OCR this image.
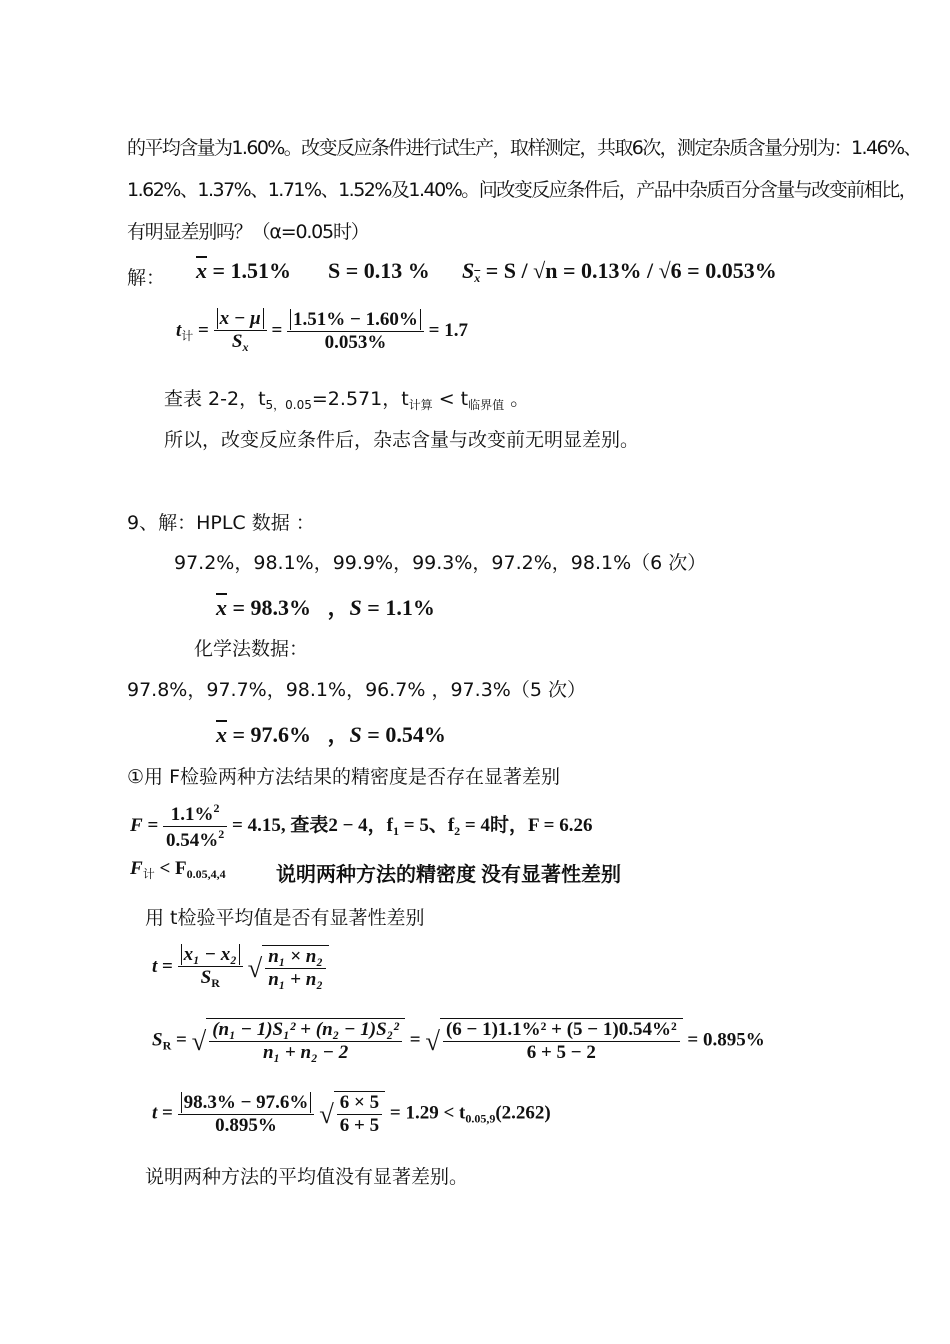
的平均含量为1.60%。改变反应条件进行试生产，取样测定，共取6次，测定杂质含量分别为：1.46%、
1.62%、1.37%、1.71%、1.52%及1.40%。问改变反应条件后，产品中杂质百分含量与改变前相比，
有明显差别吗？（α=0.05时）
解： $\overline{x} = 1.51\%$ S = 0.13 % $S\overline{x} = S / √n = 0.13\% / √6 = 0.053\%$
$t_计 = \frac{x - \mu}{S_x} = \frac{1.51\% - 1.60\%}{0.053\%} = 1.7$
查表 2-2，$t_{5,0.05}=2.571$，$t_{计算} < t_{临界值}$ 。
所以，改变反应条件后，杂志含量与改变前无明显差别。
9、解：HPLC 数据 ：
97.2%，98.1%，99.9%，99.3%，97.2%，98.1%（6 次）
$\overline{x} = 98.3\%$   ，S = 1.1%
化学法数据：
97.8%，97.7%，98.1%，96.7% ，97.3%（5 次）
$\overline{x} = 97.6\%$   ，S = 0.54%
①用 F检验两种方法结果的精密度是否存在显著差别
$F = \frac{1.1\%^2}{0.54\%^2} = 4.15$, 查表2 − 4，$f_1 = 5$、$f_2 = 4$时，F = 6.26
$F_计 < F_{0.05,4,4}$	说明两种方法的精密度 没有显著性差别
用 t检验平均值是否有显著性差别
$t = \frac{\text{x₁ − x₂}}{S_R}$ √ $\frac{\text{n₁ × n₂}}{\text{n₁ + n₂}}$
$S_R$ = √ $\frac{\text{(n₁ − 1)S₁² + (n₂ − 1)S₂²}}{\text{n₁ + n₂ − 2}}$ = √ $\frac{\text{(6 − 1)1.1\%² + (5 − 1)0.54\%²}}{6 + 5 - 2} = 0.895\%$
$t = \frac{98.3\% - 97.6\%}{0.895\%}$ √ $\frac{6 \times 5}{6 + 5} = 1.29 < t_{0.05,9}(2.262)$
说明两种方法的平均值没有显著差别。
